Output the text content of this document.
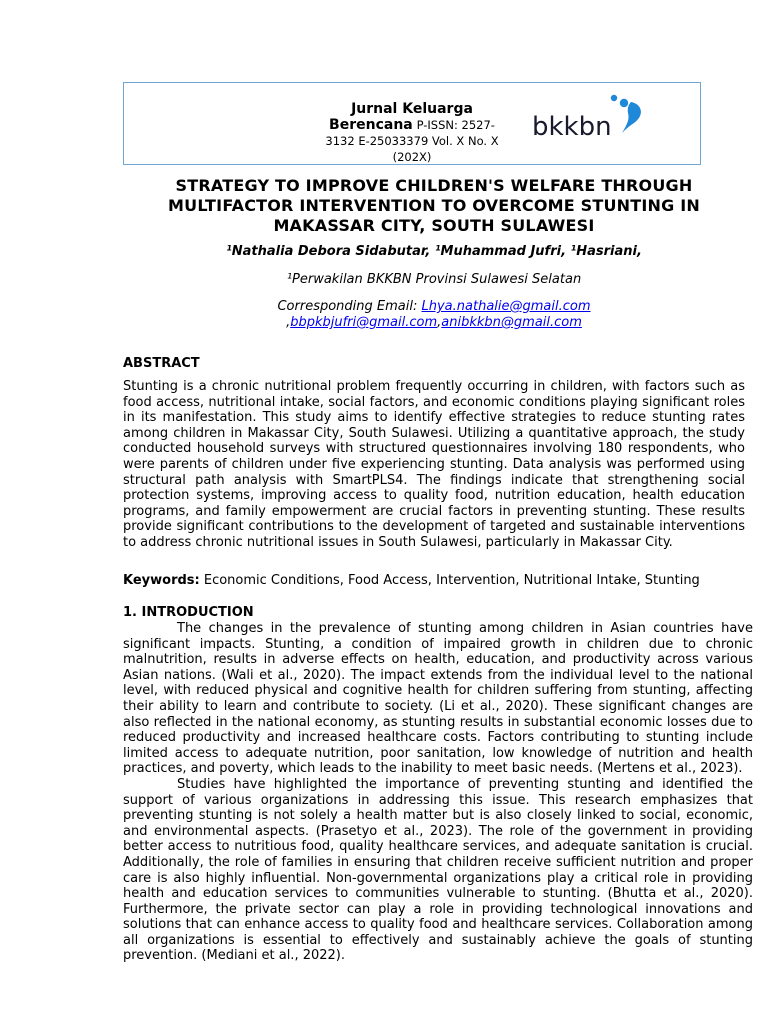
Jurnal Keluarga Berencana P-ISSN: 2527-3132 E-25033379 Vol. X No. X (202X)
bkkbn
STRATEGY TO IMPROVE CHILDREN'S WELFARE THROUGH MULTIFACTOR INTERVENTION TO OVERCOME STUNTING IN MAKASSAR CITY, SOUTH SULAWESI
¹Nathalia Debora Sidabutar, ¹Muhammad Jufri, ¹Hasriani,
¹Perwakilan BKKBN Provinsi Sulawesi Selatan
Corresponding Email: Lhya.nathalie@gmail.com
,bbpkbjufri@gmail.com,anibkkbn@gmail.com
ABSTRACT

Stunting is a chronic nutritional problem frequently occurring in children, with factors such as food access, nutritional intake, social factors, and economic conditions playing significant roles in its manifestation. This study aims to identify effective strategies to reduce stunting rates among children in Makassar City, South Sulawesi. Utilizing a quantitative approach, the study conducted household surveys with structured questionnaires involving 180 respondents, who were parents of children under five experiencing stunting. Data analysis was performed using structural path analysis with SmartPLS4. The findings indicate that strengthening social protection systems, improving access to quality food, nutrition education, health education programs, and family empowerment are crucial factors in preventing stunting. These results provide significant contributions to the development of targeted and sustainable interventions to address chronic nutritional issues in South Sulawesi, particularly in Makassar City.

Keywords: Economic Conditions, Food Access, Intervention, Nutritional Intake, Stunting
1. INTRODUCTION

The changes in the prevalence of stunting among children in Asian countries have significant impacts. Stunting, a condition of impaired growth in children due to chronic malnutrition, results in adverse effects on health, education, and productivity across various Asian nations. (Wali et al., 2020). The impact extends from the individual level to the national level, with reduced physical and cognitive health for children suffering from stunting, affecting their ability to learn and contribute to society. (Li et al., 2020). These significant changes are also reflected in the national economy, as stunting results in substantial economic losses due to reduced productivity and increased healthcare costs. Factors contributing to stunting include limited access to adequate nutrition, poor sanitation, low knowledge of nutrition and health practices, and poverty, which leads to the inability to meet basic needs. (Mertens et al., 2023).

Studies have highlighted the importance of preventing stunting and identified the support of various organizations in addressing this issue. This research emphasizes that preventing stunting is not solely a health matter but is also closely linked to social, economic, and environmental aspects. (Prasetyo et al., 2023). The role of the government in providing better access to nutritious food, quality healthcare services, and adequate sanitation is crucial. Additionally, the role of families in ensuring that children receive sufficient nutrition and proper care is also highly influential. Non-governmental organizations play a critical role in providing health and education services to communities vulnerable to stunting. (Bhutta et al., 2020). Furthermore, the private sector can play a role in providing technological innovations and solutions that can enhance access to quality food and healthcare services. Collaboration among all organizations is essential to effectively and sustainably achieve the goals of stunting prevention. (Mediani et al., 2022).
